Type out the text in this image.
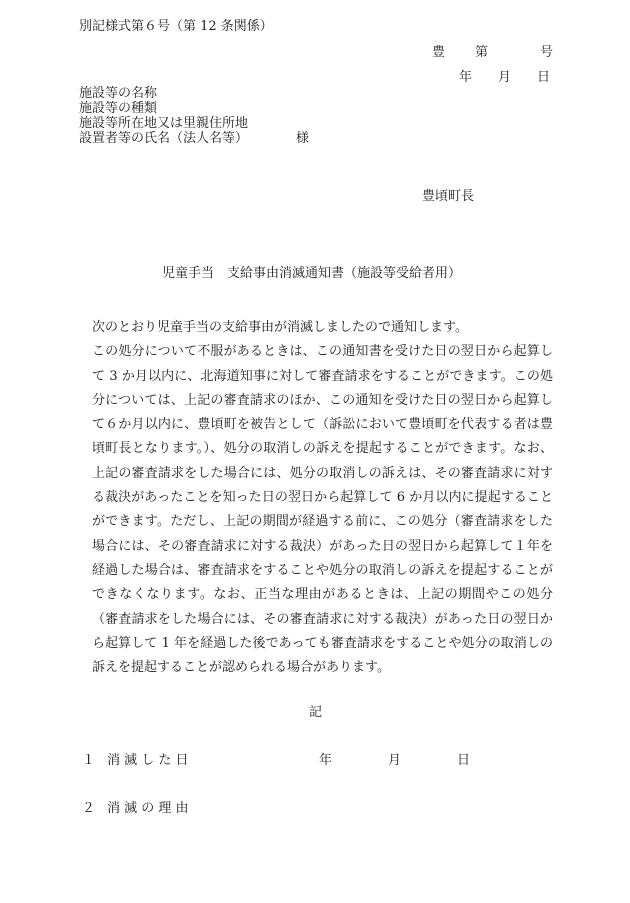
別記様式第６号（第 12 条関係）
豊 第	号
年 月 日
施設等の名称
施設等の種類
施設等所在地又は里親住所地
設置者等の氏名（法人名等）	様
豊頃町長
児童手当　支給事由消滅通知書（施設等受給者用）

次のとおり児童手当の支給事由が消滅しましたので通知します。

この処分について不服があるときは、この通知書を受けた日の翌日から起算して 3 か月以内に、北海道知事に対して審査請求をすることができます。この処分については、上記の審査請求のほか、この通知を受けた日の翌日から起算して６か月以内に、豊頃町を被告として（訴訟において豊頃町を代表する者は豊頃町長となります。）、処分の取消しの訴えを提起することができます。なお、上記の審査請求をした場合には、処分の取消しの訴えは、その審査請求に対する裁決があったことを知った日の翌日から起算して 6 か月以内に提起することができます。ただし、上記の期間が経過する前に、この処分（審査請求をした場合には、その審査請求に対する裁決）があった日の翌日から起算して１年を経過した場合は、審査請求をすることや処分の取消しの訴えを提起することができなくなります。なお、正当な理由があるときは、上記の期間やこの処分（審査請求をした場合には、その審査請求に対する裁決）があった日の翌日から起算して 1 年を経過した後であっても審査請求をすることや処分の取消しの訴えを提起することが認められる場合があります。

記
１ 消 滅 し た 日	年	月	日
２ 消 滅 の 理 由
